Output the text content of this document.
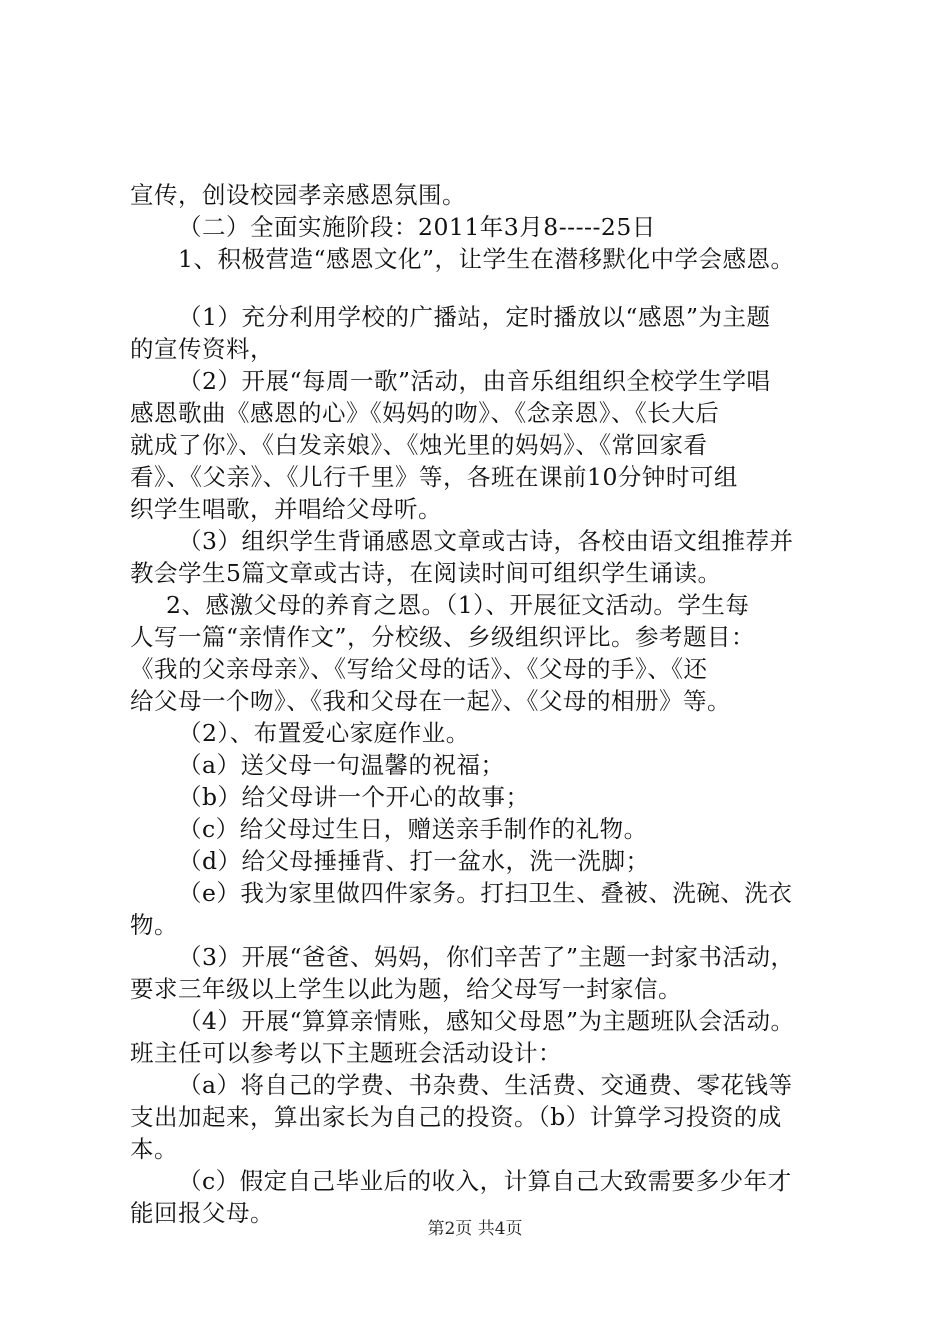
宣传，创设校园孝亲感恩氛围。
（二）全面实施阶段：2011年3月8-----25日
1、积极营造“感恩文化”，让学生在潜移默化中学会感恩。
（1）充分利用学校的广播站，定时播放以“感恩”为主题
的宣传资料，
（2）开展“每周一歌”活动，由音乐组组织全校学生学唱
感恩歌曲《感恩的心》《妈妈的吻》、《念亲恩》、《长大后
就成了你》、《白发亲娘》、《烛光里的妈妈》、《常回家看
看》、《父亲》、《儿行千里》等，各班在课前10分钟时可组
织学生唱歌，并唱给父母听。
（3）组织学生背诵感恩文章或古诗，各校由语文组推荐并
教会学生5篇文章或古诗，在阅读时间可组织学生诵读。
2、感激父母的养育之恩。（1）、开展征文活动。学生每
人写一篇“亲情作文”，分校级、乡级组织评比。参考题目：
《我的父亲母亲》、《写给父母的话》、《父母的手》、《还
给父母一个吻》、《我和父母在一起》、《父母的相册》等。
（2）、布置爱心家庭作业。
（a）送父母一句温馨的祝福；
（b）给父母讲一个开心的故事；
（c）给父母过生日，赠送亲手制作的礼物。
（d）给父母捶捶背、打一盆水，洗一洗脚；
（e）我为家里做四件家务。打扫卫生、叠被、洗碗、洗衣
物。
（3）开展“爸爸、妈妈，你们辛苦了”主题一封家书活动，
要求三年级以上学生以此为题，给父母写一封家信。
（4）开展“算算亲情账，感知父母恩”为主题班队会活动。
班主任可以参考以下主题班会活动设计：
（a）将自己的学费、书杂费、生活费、交通费、零花钱等
支出加起来，算出家长为自己的投资。（b）计算学习投资的成
本。
（c）假定自己毕业后的收入，计算自己大致需要多少年才
能回报父母。
第2页 共4页
